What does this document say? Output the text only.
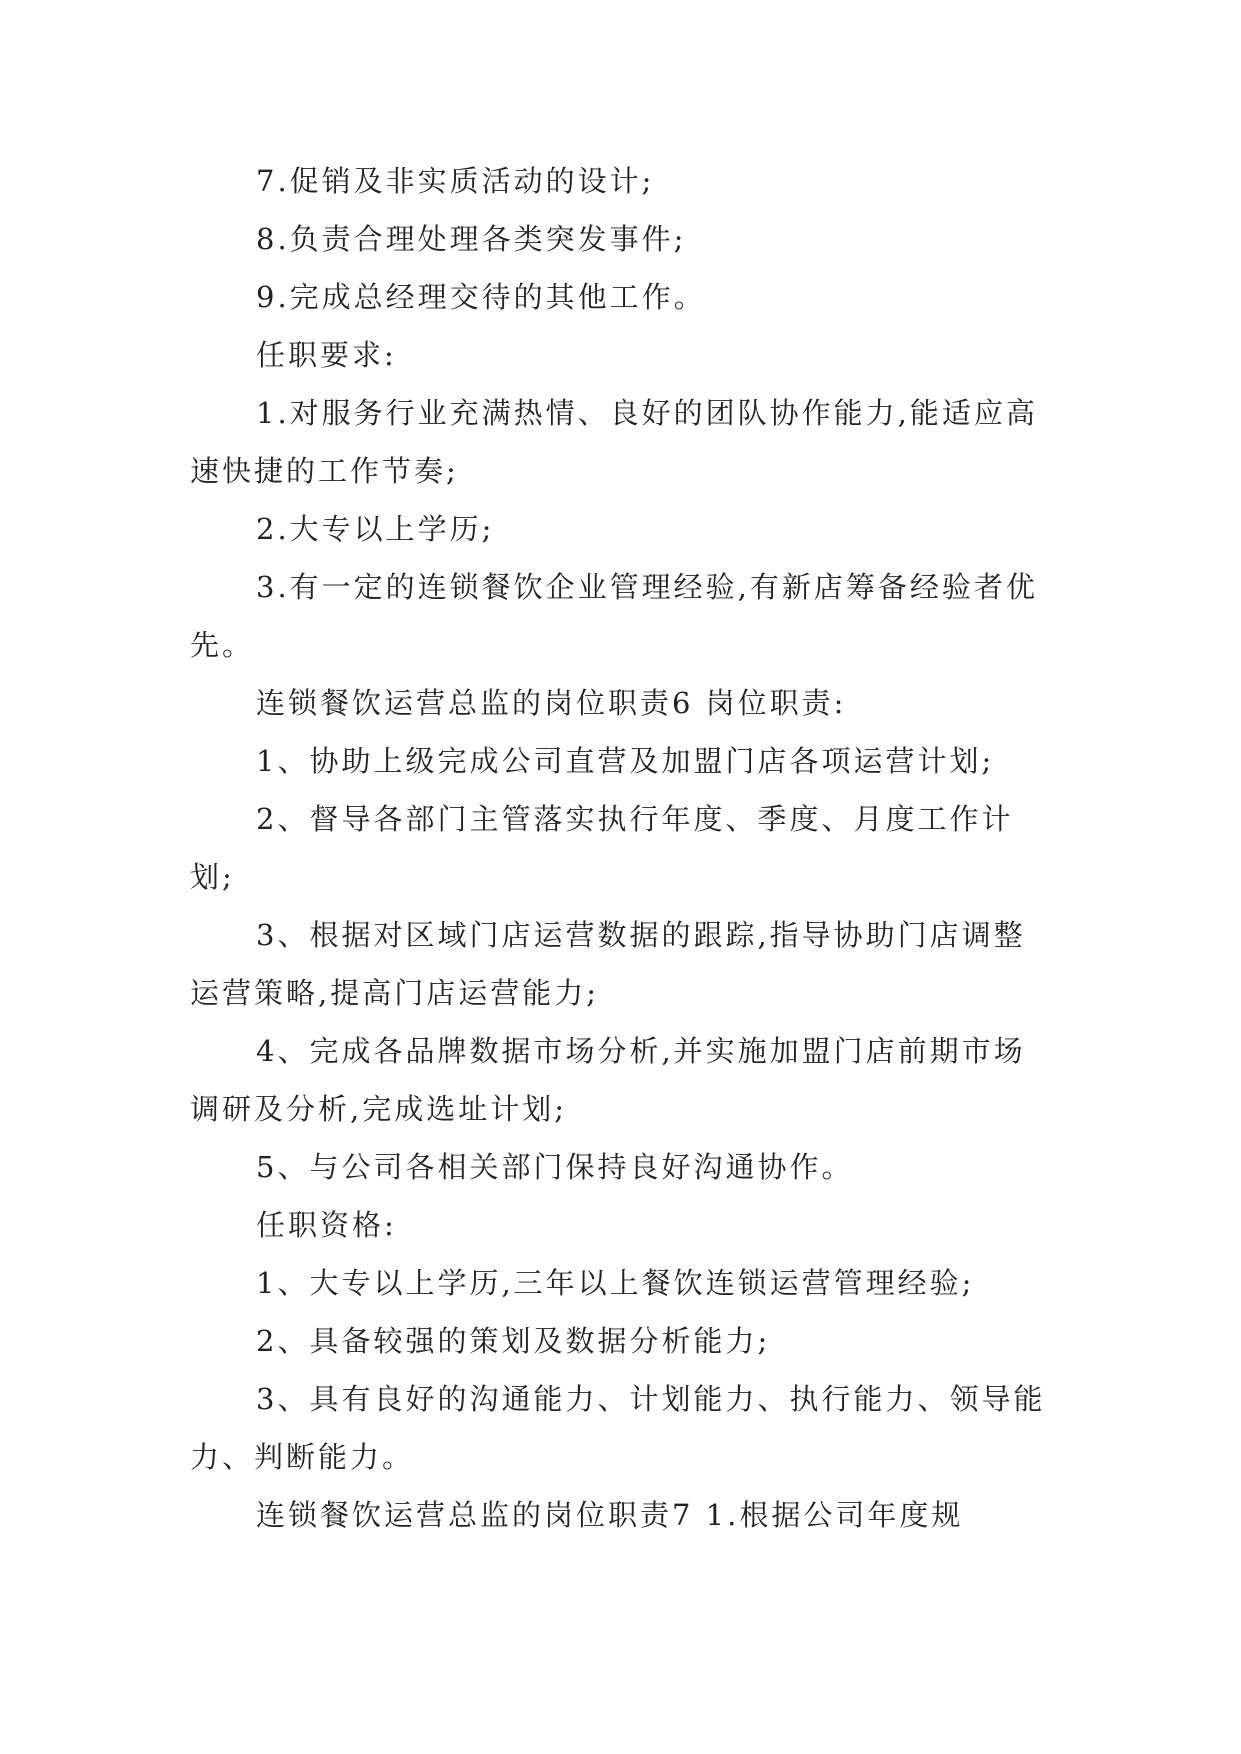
7.促销及非实质活动的设计;

8.负责合理处理各类突发事件;

9.完成总经理交待的其他工作。

任职要求:

1.对服务行业充满热情、良好的团队协作能力,能适应高速快捷的工作节奏;

2.大专以上学历;

3.有一定的连锁餐饮企业管理经验,有新店筹备经验者优先。

连锁餐饮运营总监的岗位职责6 岗位职责:

1、协助上级完成公司直营及加盟门店各项运营计划;

2、督导各部门主管落实执行年度、季度、月度工作计划;

3、根据对区域门店运营数据的跟踪,指导协助门店调整运营策略,提高门店运营能力;

4、完成各品牌数据市场分析,并实施加盟门店前期市场调研及分析,完成选址计划;

5、与公司各相关部门保持良好沟通协作。

任职资格:

1、大专以上学历,三年以上餐饮连锁运营管理经验;

2、具备较强的策划及数据分析能力;

3、具有良好的沟通能力、计划能力、执行能力、领导能力、判断能力。

连锁餐饮运营总监的岗位职责7 1.根据公司年度规
